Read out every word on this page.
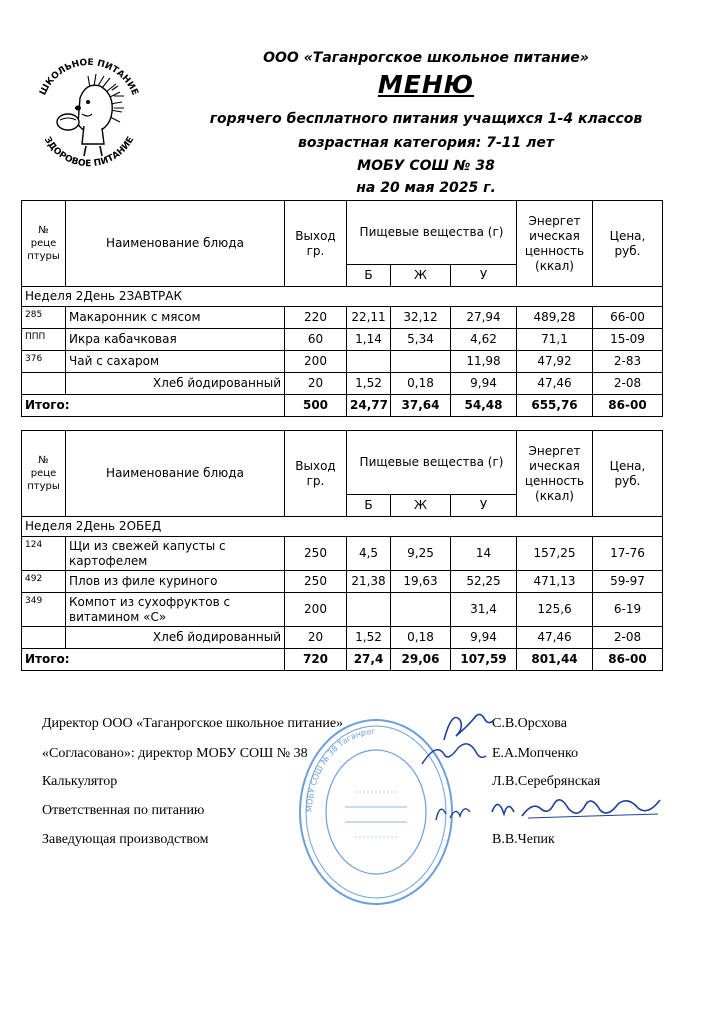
ШКОЛЬНОЕ ПИТАНИЕ
ЗДОРОВОЕ ПИТАНИЕ
ООО «Таганрогское школьное питание»
МЕНЮ
горячего бесплатного питания учащихся 1-4 классов
возрастная категория: 7-11 лет
МОБУ СОШ № 38
на 20 мая 2025 г.
№ реце птуры	Наименование блюда	Выход гр.	Пищевые вещества (г)			Энергет ическая ценность (ккал)	Цена, руб.
			Б	Ж	У		
Неделя 2День 2ЗАВТРАК							
285	Макаронник с мясом	220	22,11	32,12	27,94	489,28	66-00
ППП	Икра кабачковая	60	1,14	5,34	4,62	71,1	15-09
376	Чай с сахаром	200			11,98	47,92	2-83
	Хлеб йодированный	20	1,52	0,18	9,94	47,46	2-08
Итого:		500	24,77	37,64	54,48	655,76	86-00
№ реце птуры	Наименование блюда	Выход гр.	Пищевые вещества (г)			Энергет ическая ценность (ккал)	Цена, руб.
			Б	Ж	У		
Неделя 2День 2ОБЕД							
124	Щи из свежей капусты с картофелем	250	4,5	9,25	14	157,25	17-76
492	Плов из филе куриного	250	21,38	19,63	52,25	471,13	59-97
349	Компот из сухофруктов с витамином «С»	200			31,4	125,6	6-19
	Хлеб йодированный	20	1,52	0,18	9,94	47,46	2-08
Итого:		720	27,4	29,06	107,59	801,44	86-00
МОБУ СОШ № 38 Таганрог
Директор ООО «Таганрогское школьное питание»	С.В.Орсхова
«Согласовано»: директор МОБУ СОШ № 38	Е.А.Мопченко
Калькулятор	Л.В.Серебрянская
Ответственная по питанию
Заведующая производством	В.В.Чепик
